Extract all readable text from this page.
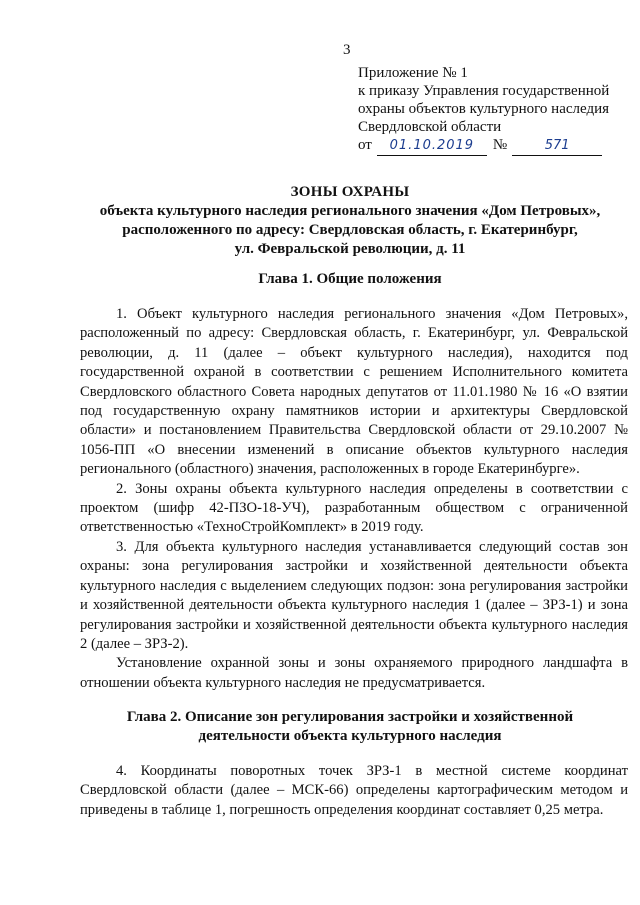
3
Приложение № 1
к приказу Управления государственной
охраны объектов культурного наследия
Свердловской области
от	01.10.2019	№	571
ЗОНЫ ОХРАНЫ
объекта культурного наследия регионального значения «Дом Петровых»,
расположенного по адресу: Свердловская область, г. Екатеринбург,
ул. Февральской революции, д. 11
Глава 1. Общие положения

1. Объект культурного наследия регионального значения «Дом Петровых», расположенный по адресу: Свердловская область, г. Екатеринбург, ул. Февральской революции, д. 11 (далее – объект культурного наследия), находится под государственной охраной в соответствии с решением Исполнительного комитета Свердловского областного Совета народных депутатов от 11.01.1980 № 16 «О взятии под государственную охрану памятников истории и архитектуры Свердловской области» и постановлением Правительства Свердловской области от 29.10.2007 № 1056-ПП «О внесении изменений в описание объектов культурного наследия регионального (областного) значения, расположенных в городе Екатеринбурге».

2. Зоны охраны объекта культурного наследия определены в соответствии с проектом (шифр 42-ПЗО-18-УЧ), разработанным обществом с ограниченной ответственностью «ТехноСтройКомплект» в 2019 году.

3. Для объекта культурного наследия устанавливается следующий состав зон охраны: зона регулирования застройки и хозяйственной деятельности объекта культурного наследия с выделением следующих подзон: зона регулирования застройки и хозяйственной деятельности объекта культурного наследия 1 (далее – ЗРЗ-1) и зона регулирования застройки и хозяйственной деятельности объекта культурного наследия 2 (далее – ЗРЗ-2).

Установление охранной зоны и зоны охраняемого природного ландшафта в отношении объекта культурного наследия не предусматривается.

Глава 2. Описание зон регулирования застройки и хозяйственной
деятельности объекта культурного наследия

4. Координаты поворотных точек ЗРЗ-1 в местной системе координат Свердловской области (далее – МСК-66) определены картографическим методом и приведены в таблице 1, погрешность определения координат составляет 0,25 метра.
